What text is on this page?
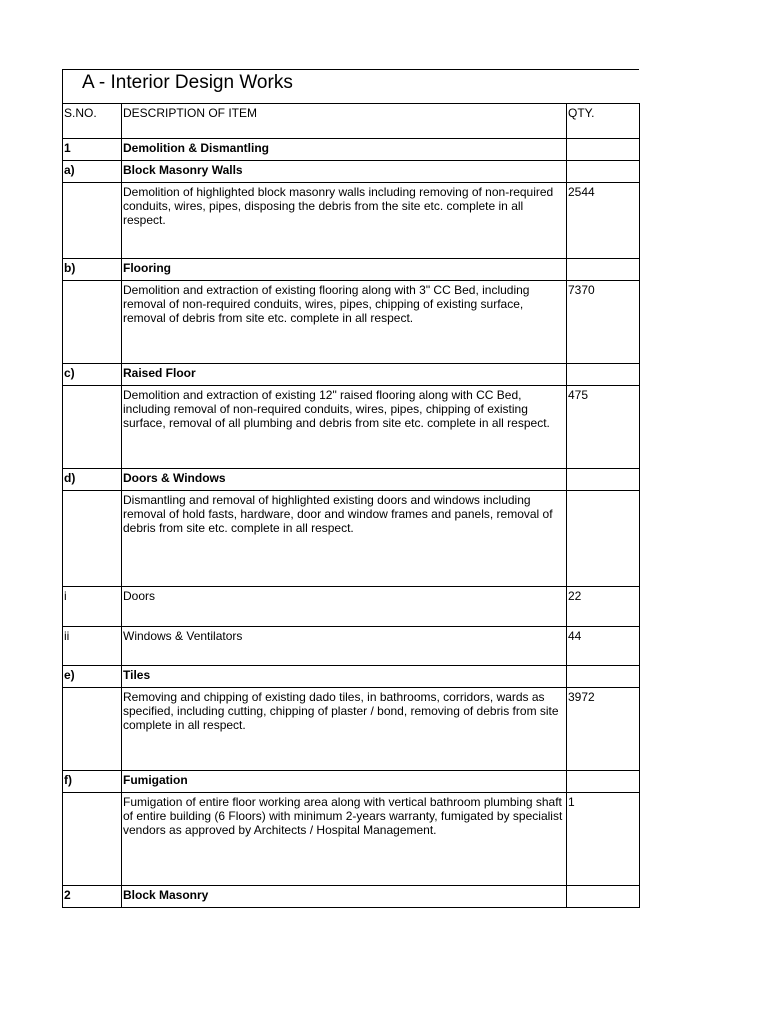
A - Interior Design Works
S.NO.	DESCRIPTION OF ITEM	QTY.
1	Demolition & Dismantling	
a)	Block Masonry Walls	
	Demolition of highlighted block masonry walls including removing of non-required conduits, wires, pipes, disposing the debris from the site etc. complete in all respect.	2544
b)	Flooring	
	Demolition and extraction of existing flooring along with 3" CC Bed, including removal of non-required conduits, wires, pipes, chipping of existing surface, removal of debris from site etc. complete in all respect.	7370
c)	Raised Floor	
	Demolition and extraction of existing 12" raised flooring along with CC Bed, including removal of non-required conduits, wires, pipes, chipping of existing surface, removal of all plumbing and debris from site etc. complete in all respect.	475
d)	Doors & Windows	
	Dismantling and removal of highlighted existing doors and windows including removal of hold fasts, hardware, door and window frames and panels, removal of debris from site etc. complete in all respect.	
i	Doors	22
ii	Windows & Ventilators	44
e)	Tiles	
	Removing and chipping of existing dado tiles, in bathrooms, corridors, wards as specified, including cutting, chipping of plaster / bond, removing of debris from site complete in all respect.	3972
f)	Fumigation	
	Fumigation of entire floor working area along with vertical bathroom plumbing shaft of entire building (6 Floors) with minimum 2-years warranty, fumigated by specialist vendors as approved by Architects / Hospital Management.	1
2	Block Masonry	
